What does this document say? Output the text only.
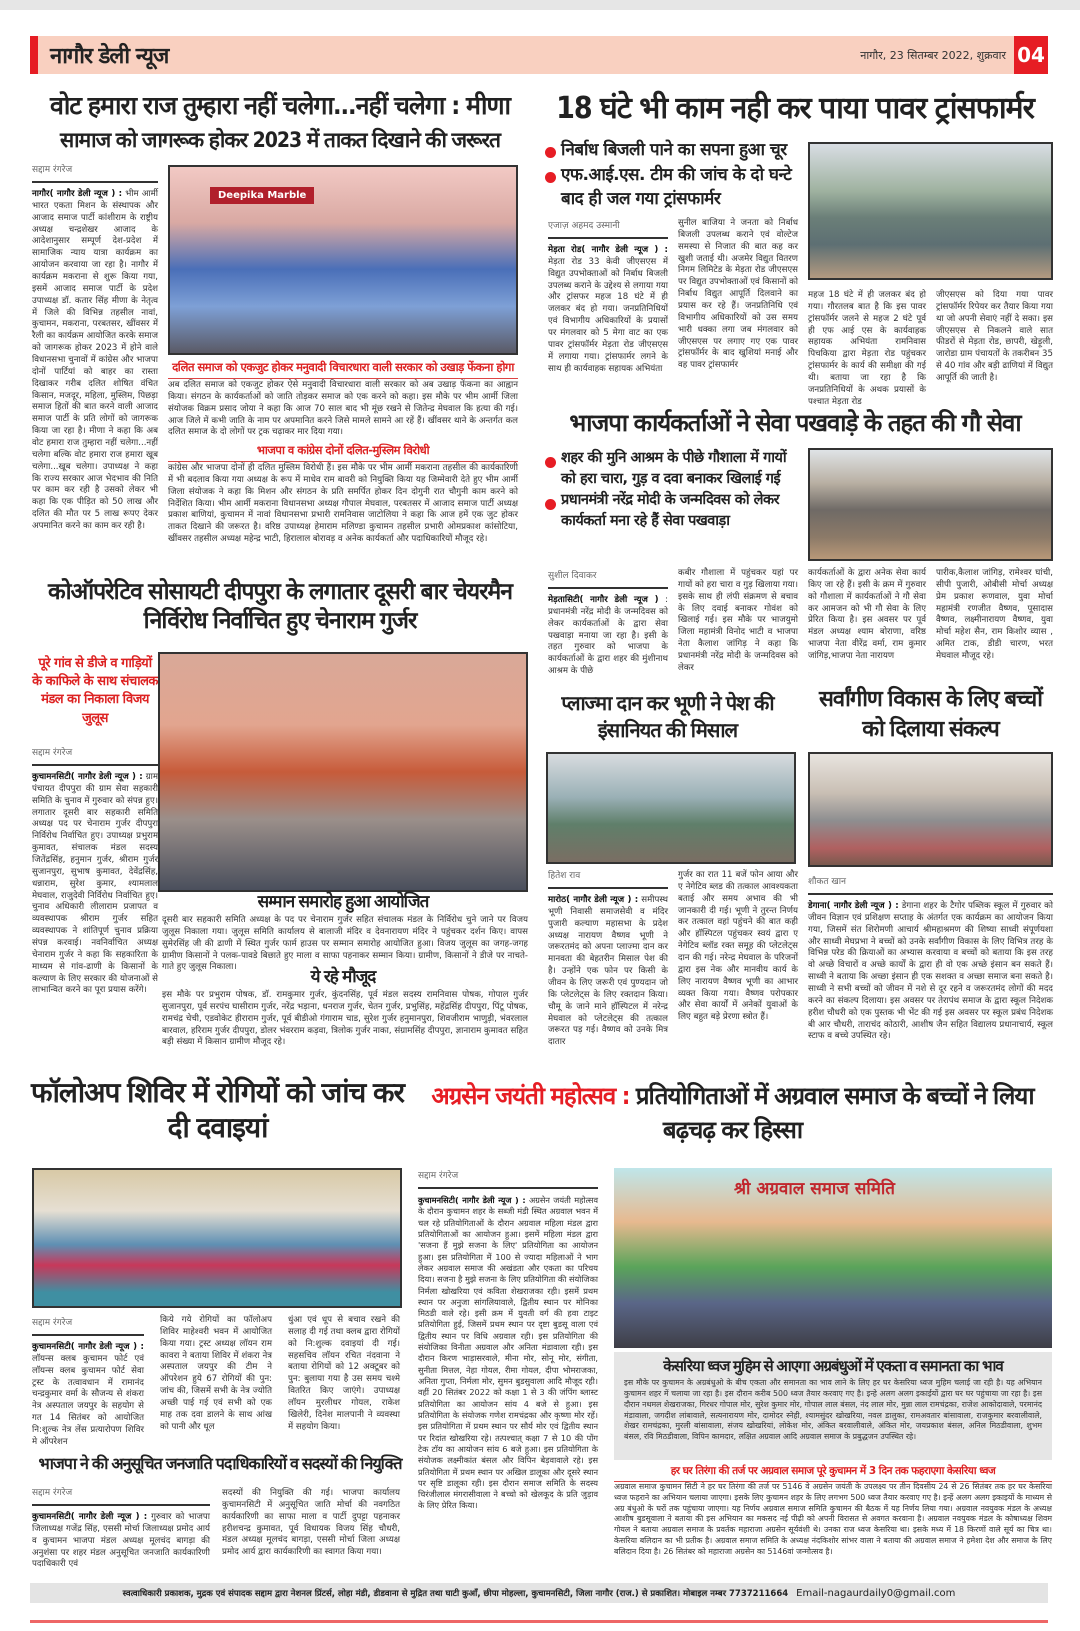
नागौर डेली न्यूज	नागौर, 23 सितम्बर 2022, शुक्रवार 04
वोट हमारा राज तुम्हारा नहीं चलेगा...नहीं चलेगा : मीणा
सामाज को जागरूक होकर 2023 में ताकत दिखाने की जरूरत
सद्दाम रंगरेज
नागौर( नागौर डेली न्यूज ) : भीम आर्मी भारत एकता मिशन के संस्थापक और आजाद समाज पार्टी कांशीराम के राष्ट्रीय अध्यक्ष चन्द्रशेखर आजाद के आदेशानुसार सम्पूर्ण देश-प्रदेश में सामाजिक न्याय यात्रा कार्यक्रम का आयोजन करवाया जा रहा है। नागौर में कार्यक्रम मकराना से शुरू किया गया, इसमें आजाद समाज पार्टी के प्रदेश उपाध्यक्ष डॉ. कतार सिंह मीणा के नेतृत्व में जिले की विभिन्न तहसील नावां, कुचामन, मकराना, परबतसर, खींवसर में रैली का कार्यक्रम आयोजित करके समाज को जागरूक होकर 2023 में होने वाले विधानसभा चुनावों में कांग्रेस और भाजपा दोनों पार्टियां को बाहर का रास्ता दिखाकर गरीब दलित शोषित वंचित किसान, मजदूर, महिला, मुस्लिम, पिछड़ा समाज हितों की बात करने वाली आजाद समाज पार्टी के प्रति लोगों को जागरूक किया जा रहा है। मीणा ने कहा कि अब वोट हमारा राज तुम्हारा नहीं चलेगा...नहीं चलेगा बल्कि वोट हमारा राज हमारा खूब चलेगा...खूब चलेगा। उपाध्यक्ष ने कहा कि राज्य सरकार आज भेदभाव की निति पर काम कर रही है उसको लेकर भी कहा कि एक पीड़ित को 50 लाख और दलित की मौत पर 5 लाख रूपए देकर अपमानित करने का काम कर रही है।
Deepika Marble
दलित समाज को एकजुट होकर मनुवादी विचारधारा वाली सरकार को उखाड़ फेंकना होगा
अब दलित समाज को एकजुट होकर ऐसे मनुवादी विचारधारा वाली सरकार को अब उखाड़ फेंकना का आह्वान किया। संगठन के कार्यकर्ताओं को जाति तोड़कर समाज को एक करने को कहा। इस मौके पर भीम आर्मी जिला संयोजक विक्रम प्रसाद जोया ने कहा कि आज 70 साल बाद भी मूंछ रखने से जितेन्द्र मेघवाल कि हत्या की गई। आज जिले में कभी जाति के नाम पर अपमानित करने जिसे मामले सामने आ रहें हैं। खींवसर थाने के अन्तर्गत कल दलित समाज के दो लोगों पर ट्रक चढ़ाकर मार दिया गया।
भाजपा व कांग्रेस दोनों दलित-मुस्लिम विरोधी
कांग्रेस और भाजपा दोनों ही दलित मुस्लिम विरोधी हैं। इस मौके पर भीम आर्मी मकराना तहसील की कार्यकारिणी में भी बदलाव किया गया अध्यक्ष के रूप में माधेव राम बावरी को नियुक्ति किया यह जिम्मेवारी देते हुए भीम आर्मी जिला संयोजक ने कहा कि मिशन और संगठन के प्रति समर्पित होकर दिन दोगुनी रात चौगुनी काम करने को निर्देशित किया। भीम आर्मी मकराना विधानसभा अध्यक्ष गौपाल मेघवाल, परबतसर में आजाद समाज पार्टी अध्यक्ष प्रकाश बाणियां, कुचामन में नावां विधानसभा प्रभारी रामनिवास जाटोलिया ने कहा कि आज हमें एक जुट होकर ताकत दिखाने की जरूरत है। वरिष्ठ उपाध्यक्ष हेमाराम मलिण्डा कुचामन तहसील प्रभारी ओमप्रकाश कांसोटिया, खींवसर तहसील अध्यक्ष महेन्द्र भाटी, हिरालाल बोरावड़ व अनेक कार्यकर्ता और पदाधिकारियों मौजूद रहे।
18 घंटे भी काम नही कर पाया पावर ट्रांसफार्मर
निर्बाध बिजली पाने का सपना हुआ चूर
एफ.आई.एस. टीम की जांच के दो घन्टे बाद ही जल गया ट्रांसफार्मर
एजाज़ अहमद उस्मानी
मेड़ता रोड( नागौर डेली न्यूज ) : मेड़ता रोड 33 केवी जीएसएस में विद्युत उपभोक्ताओं को निर्बाध बिजली उपलब्ध कराने के उद्देश्य से लगाया गया और ट्रांसफर महज 18 घंटे में ही जलकर बंद हो गया। जनप्रतिनिधियों एवं विभागीय अधिकारियों के प्रयासों पर मंगलवार को 5 मेगा वाट का एक पावर ट्रांसफॉर्मर मेड़ता रोड जीएसएस में लगाया गया। ट्रांसफार्मर लगने के साथ ही कार्यवाहक सहायक अभियंता
सुनील बाजिया ने जनता को निर्बाध बिजली उपलब्ध कराने एवं वोल्टेज समस्या से निजात की बात कह कर खुशी जताई थी। अजमेर विद्युत वितरण निगम लिमिटेड के मेड़ता रोड जीएसएस पर विद्युत उपभोक्ताओं एवं किसानों को निर्बाध विद्युत आपूर्ति दिलवाने का प्रयास कर रहे हैं। जनप्रतिनिधि एवं विभागीय अधिकारियों को उस समय भारी धक्का लगा जब मंगलवार को जीएसएस पर लगाए गए एक पावर ट्रांसफॉर्मर के बाद खुशियां मनाई और वह पावर ट्रांसफार्मर
महज 18 घंटे में ही जलकर बंद हो गया। गौरतलब बात है कि इस पावर ट्रांसफॉर्मर जलने से महज 2 घंटे पूर्व ही एफ आई एस के कार्यवाहक सहायक अभियंता रामनिवास पिचकिया द्वारा मेड़ता रोड पहुंचकर ट्रांसफार्मर के कार्य की समीक्षा की गई थी। बताया जा रहा है कि जनप्रतिनिधियों के अथक प्रयासों के पश्चात मेड़ता रोड
जीएसएस को दिया गया पावर ट्रांसफॉर्मर रिपेयर कर तैयार किया गया था जो अपनी सेवाएं नहीं दे सका। इस जीएसएस से निकलने वाले सात फीडरों से मेड़ता रोड, छापरी, खेड़ूली, जारोडा ग्राम पंचायतों के तकरीबन 35 से 40 गांव और बड़ी ढाणियां में विद्युत आपूर्ति की जाती है।
भाजपा कार्यकर्ताओं ने सेवा पखवाड़े के तहत की गौ सेवा
शहर की मुनि आश्रम के पीछे गौशाला में गायों को हरा चारा, गुड़ व दवा बनाकर खिलाई गई
प्रधानमंत्री नरेंद्र मोदी के जन्मदिवस को लेकर कार्यकर्ता मना रहे हैं सेवा पखवाड़ा
सुशील दिवाकर
मेड़तासिटी( नागौर डेली न्यूज ) : प्रधानमंत्री नरेंद्र मोदी के जन्मदिवस को लेकर कार्यकर्ताओं के द्वारा सेवा पखवाड़ा मनाया जा रहा है। इसी के तहत गुरुवार को भाजपा के कार्यकर्ताओं के द्वारा शहर की मुंशीनाथ आश्रम के पीछे
कबीर गौशाला में पहुंचकर यहां पर गायों को हरा चारा व गुड़ खिलाया गया। इसके साथ ही लंपी संक्रमण से बचाव के लिए दवाई बनाकर गोवंश को खिलाई गई। इस मौके पर भाजयुमो जिला महामंत्री विनोद भाटी व भाजपा नेता कैलाश जांगिड़ ने कहा कि प्रधानमंत्री नरेंद्र मोदी के जन्मदिवस को लेकर
कार्यकर्ताओं के द्वारा अनेक सेवा कार्य किए जा रहे हैं। इसी के क्रम में गुरुवार को गौशाला में कार्यकर्ताओं ने गौ सेवा कर आमजन को भी गौ सेवा के लिए प्रेरित किया है। इस अवसर पर पूर्व मंडल अध्यक्ष श्याम बोराणा, वरिष्ठ भाजपा नेता वीरेंद्र वर्मा, राम कुमार जांगिड़,भाजपा नेता नारायण
पारीक,कैलाश जांगिड़, रामेश्वर घांची, सीपी पुजारी, ओबीसी मोर्चा अध्यक्ष प्रेम प्रकाश रूणवाल, युवा मोर्चा महामंत्री रणजीत वैष्णव, पूसादास वैष्णव, लक्ष्मीनारायण वैष्णव, युवा मोर्चा महेश सैन, राम किशोर व्यास , अमित टाक, डीडी चारण, भरत मेघवाल मौजूद रहे।
कोऑपरेटिव सोसायटी दीपपुरा के लगातार दूसरी बार चेयरमैन निर्विरोध निर्वाचित हुए चेनाराम गुर्जर
पूरे गांव से डीजे व गाड़ियों के काफिले के साथ संचालक मंडल का निकाला विजय जुलूस
सद्दाम रंगरेज
कुचामनसिटी( नागौर डेली न्यूज ) : ग्राम पंचायत दीपपुरा की ग्राम सेवा सहकारी समिति के चुनाव में गुरुवार को संपन्न हुए। लगातार दूसरी बार सहकारी समिति अध्यक्ष पद पर चेनाराम गुर्जर दीपपुरा निर्विरोध निर्वाचित हुए। उपाध्यक्ष प्रभुराम कुमावत, संचालक मंडल सदस्य जितेंद्रसिंह, हनुमान गुर्जर, श्रीराम गुर्जर सुजानपुरा, सुभाष कुमावत, देवेंद्रसिंह, धन्नाराम, सुरेश कुमार, श्यामलाल मेघवाल, राजुदेवी निर्विरोध निर्वाचित हुए। चुनाव अधिकारी लीलाराम प्रजापत व व्यवस्थापक श्रीराम गुर्जर सहित व्यवस्थापक ने शांतिपूर्ण चुनाव प्रक्रिया संपन्न करवाई। नवनिर्वाचित अध्यक्ष चेनाराम गुर्जर ने कहा कि सहकारिता के माध्यम से गांव-ढाणी के किसानों के कल्याण के लिए सरकार की योजनाओं से लाभान्वित करने का पूरा प्रयास करेंगे।
सम्मान समारोह हुआ आयोजित
दूसरी बार सहकारी समिति अध्यक्ष के पद पर चेनाराम गुर्जर सहित संचालक मंडल के निर्विरोध चुने जाने पर विजय जुलूस निकाला गया। जुलूस समिति कार्यालय से बालाजी मंदिर व देवनारायण मंदिर ने पहुंचकर दर्शन किए। वापस सुमेरसिंह जी की ढाणी में स्थित गुर्जर फार्म हाउस पर सम्मान समारोह आयोजित हुआ। विजय जुलूस का जगह-जगह ग्रामीण किसानों ने पलक-पावडे बिछाते हुए माला व साफा पहनाकर सम्मान किया। ग्रामीण, किसानों ने डीजे पर नाचते- गाते हुए जुलूस निकाला।	ये रहे मौजूद
इस मौके पर प्रभुराम पोषक, डॉ. रामकुमार गुर्जर, कुंदनसिंह, पूर्व मंडल सदस्य रामनिवास पोषक, गोपाल गुर्जर सुजानपुरा, पूर्व सरपंच घासीराम गुर्जर, नरेंद्र भड़ाना, धनराज गुर्जर, चेतन गुर्जर, प्रभुसिंह, महेंद्रसिंह दीपपुरा, पिंटू पोषक, रामचंद्र चेची, एडवोकेट हीराराम गुर्जर, पूर्व बीडीओ गंगाराम चाड, सुरेश गुर्जर हनुमानपुरा, शिवजीराम भाणुड़ी, भंवरलाल बारवाल, हरिराम गुर्जर दीपपुरा, डोलर भंवरराम कड़वा, त्रिलोक गुर्जर नाका, संग्रामसिंह दीपपुरा, ज्ञानाराम कुमावत सहित बड़ी संख्या में किसान ग्रामीण मौजूद रहे।
प्लाज्मा दान कर भूणी ने पेश की इंसानियत की मिसाल
हितेश राव
मारोठ( नागौर डेली न्यूज ) : समीपस्थ भूणी निवासी समाजसेवी व मंदिर पुजारी कल्याण महासभा के प्रदेश अध्यक्ष नारायण वैष्णव भूणी ने जरूरतमंद को अपना प्लाज्मा दान कर मानवता की बेहतरीन मिसाल पेश की है। उन्होंने एक फोन पर किसी के जीवन के लिए जरूरी एवं पुण्यदान जो कि प्लेटलेट्स के लिए रक्तदान किया। चौमू के जाने माने हॉस्पिटल में नरेन्द्र मेघवाल को प्लेटलेट्स की तत्काल जरूरत पड़ गई। वैष्णव को उनके मित्र दातार
गुर्जर का रात 11 बजें फोन आया और ए नेगेटिव ब्लड की तत्काल आवश्यकता बताई और समय अभाव की भी जानकारी दी गई। भूणी ने तुरन्त निर्णय कर तत्काल वहां पहुंचने की बात कही और हॉस्पिटल पहुंचकर स्वयं द्वारा ए नेगेटिव ब्लॉड रक्त समूह की प्लेटलेट्स दान की गई। नरेन्द्र मेघवाल के परिजनों द्वारा इस नेक और मानवीय कार्य के लिए नारायण वैष्णव भूणी का आभार व्यक्त किया गया। वैष्णव परोपकार और सेवा कार्यों में अनेकों युवाओं के लिए बहुत बड़े प्रेरणा स्त्रोत हैं।
सर्वांगीण विकास के लिए बच्चों को दिलाया संकल्प
शौकत खान
डेगाना( नागौर डेली न्यूज ) : डेगाना शहर के टैगोर पब्लिक स्कूल में गुरुवार को जीवन विज्ञान एवं प्रशिक्षण सप्ताह के अंतर्गत एक कार्यक्रम का आयोजन किया गया, जिसमें संत शिरोमणी आचार्य श्रीमहाश्रमण की शिष्या साध्वी संपूर्णयशा और साध्वी मेघप्रभा ने बच्चों को उनके सर्वांगीण विकास के लिए विभित्र तरह के विभिन्न परेड की क्रियाओं का अभ्यास करवाया व बच्चों को बताया कि इस तरह वो अच्छे विचारों व अच्छे कार्यों के द्वारा ही वो एक अच्छे इंसान बन सकते हैं। साध्वी ने बताया कि अच्छा इंसान ही एक सशक्त व अच्छा समाज बना सकते है। साध्वी ने सभी बच्चों को जीवन में नशे से दूर रहने व जरूरतमंद लोगों की मदद करने का संकल्प दिलाया। इस अवसर पर तेरापंथ समाज के द्वारा स्कूल निदेशक हरीश चौधरी को एक पुस्तक भी भेंट की गई इस अवसर पर स्कूल प्रबंध निदेशक बी आर चौधरी, ताराचंद कोठारी, आशीष जैन सहित विद्यालय प्रधानाचार्य, स्कूल स्टाफ व बच्चे उपस्थित रहे।
फॉलोअप शिविर में रोगियों को जांच कर दी दवाइयां
सद्दाम रंगरेज
कुचामनसिटी( नागौर डेली न्यूज ) : लॉयन्स क्लब कुचामन फोर्ट एवं लॉयन्स क्लब कुचामन फोर्ट सेवा ट्रस्ट के तत्वावधान में रामानंद चन्द्रकुमार वर्मा के सौजन्य से शंकरा नेत्र अस्पताल जयपुर के सहयोग से गत 14 सितंबर को आयोजित नि:शुल्क नेत्र लेंस प्रत्यारोपण शिविर मे ऑपरेशन
किये गये रोगियों का फॉलोअप शिविर माहेश्वरी भवन में आयोजित किया गया। ट्रस्ट अध्यक्ष लॉयन राम कावरा ने बताया शिविर में शंकरा नेत्र अस्पताल जयपुर की टीम ने ऑपरेशन हुये 67 रोगियों की पुन: जांच की, जिसमें सभी के नेत्र ज्योति अच्छी पाई गई एवं सभी को एक माह तक दवा डालने के साथ आंख को पानी और धूल
धुंआ एवं धूप से बचाव रखने की सलाह दी गई तथा क्लब द्वारा रोगियों को नि:शुल्क दवाइयां दी गई। सहसचिव लॉयन रचित नंदवाना ने बताया रोगियों को 12 अक्टूबर को पुन: बुलाया गया है उस समय चश्मे वितरित किए जाएंगे। उपाध्यक्ष लॉयन मुरलीधर गोयल, राकेश खिलेरी, दिनेश मालपानी ने व्यवस्था में सहयोग किया।
भाजपा ने की अनुसूचित जनजाति पदाधिकारियों व सदस्यों की नियुक्ति
सद्दाम रंगरेज
कुचामनसिटी( नागौर डेली न्यूज ) : गुरुवार को भाजपा जिलाध्यक्ष गजेंद्र सिंह, एससी मोर्चा जिलाध्यक्ष प्रमोद आर्य व कुचामन भाजपा मंडल अध्यक्ष मूलचंद बागड़ा की अनुशंसा पर शहर मंडल अनुसूचित जनजाति कार्यकारिणी पदाधिकारी एवं
सदस्यों की नियुक्ति की गई। भाजपा कार्यालय कुचामनसिटी में अनुसूचित जाति मोर्चा की नवगठित कार्यकारिणी का साफा माला व पार्टी दुपट्टा पहनाकर हरीशचन्द्र कुमावत, पूर्व विधायक विजय सिंह चौधरी, मंडल अध्यक्ष मूलचंद बागड़ा, एससी मोर्चा जिला अध्यक्ष प्रमोद आर्य द्वारा कार्यकारिणी का स्वागत किया गया।
अग्रसेन जयंती महोत्सव : प्रतियोगिताओं में अग्रवाल समाज के बच्चों ने लिया बढ़चढ़ कर हिस्सा
सद्दाम रंगरेज
कुचामनसिटी( नागौर डेली न्यूज ) : अग्रसेन जयंती महोत्सव के दौरान कुचामन शहर के सब्जी मंडी स्थित अग्रवाल भवन में चल रहे प्रतियोगिताओं के दौरान अग्रवाल महिला मंडल द्वारा प्रतियोगिताओं का आयोजन हुआ। इसमें महिला मंडल द्वारा 'सजना हैं मुझे सजना के लिए' प्रतियोगिता का आयोजन हुआ। इस प्रतियोगिता में 100 से ज्यादा महिलाओं ने भाग लेकर अग्रवाल समाज की अखंडता और एकता का परिचय दिया। सजना है मुझे सजना के लिए प्रतियोगिता की संयोजिका निर्मला खोखरिया एवं कविता शेखराजका रही। इसमें प्रथम स्थान पर अनुजा सांगलियावाले, द्वितीय स्थान पर मोनिका मिठडी वाले रहे। इसी क्रम में युवती वर्ग की हवा टाइट प्रतियोगिता हुई, जिसमें प्रथम स्थान पर दृष्टा बुडसू वाला एवं द्वितीय स्थान पर विधि अग्रवाल रही। इस प्रतियोगिता की संयोजिका विनीता अग्रवाल और अनिता मंडावाला रही। इस दौरान किरण भाड़ासरवाले, मीना मोर, सोनू मोर, संगीता, सुनीता मित्तल, नेहा गोयल, रीमा गोयल, दीपा भोमराजका, अनिता गुप्ता, निर्मला मोर, सुमन बुडसुवाला आदि मौजूद रही। वहीं 20 सितंबर 2022 को कक्षा 1 से 3 की जंपिंग ब्लास्ट प्रतियोगिता का आयोजन सांय 4 बजे से हुआ। इस प्रतियोगिता के संयोजक गणेश रामचंद्रका और कृष्णा मोर रहें। इस प्रतियोगिता में प्रथम स्थान पर सौर्य मोर एवं द्वितीय स्थान पर रिदांत खोखरिया रहे। तत्पश्चात् कक्षा 7 से 10 की पोंग टेक टॉय का आयोजन सांय 6 बजे हुआ। इस प्रतियोगिता के संयोजक लक्ष्मीकांत बंसल और विपिन बेड़वावाले रहे। इस प्रतियोगिता में प्रथम स्थान पर अखिल डालूका और दूसरे स्थान पर सृष्टि डालूका रही। इस दौरान समाज समिति के सदस्य चिरंजीलाल मंगरासीवाला ने बच्चो को खेलकूद के प्रति जुड़ाव के लिए प्रेरित किया।
श्री अग्रवाल समाज समिति
केसरिया ध्वज मुहिम से आएगा अग्रबंधुओं में एकता व समानता का भाव
इस मौके पर कुचामन के अग्रबंधुओ के बीच एकता और समानता का भाव लाने के लिए हर घर केसरिया ध्वज मुहिम चलाई जा रही है। यह अभियान कुचामन शहर में चलाया जा रहा है। इस दौरान करीब 500 ध्वज तैयार करवाए गए है। इन्हे अलग अलग इकाईयों द्वारा घर घर पहुंचाया जा रहा है। इस दौरान नथमल शेखराजका, गिरधर गोपाल मोर, सुरेश कुमार मोर, गोपाल लाल बंसल, नंद लाल मोर, मुन्ना लाल रामचंद्रका, राजेश आकोदावाले, परमानंद मंडावाला, जगदीश लांबावाले, सत्यनारायण मोर, दामोदर स्नेही, श्यामसुंदर खोखरिया, नवल डालुका, रामअवतार बांसावाला, राजकुमार बरवालीवाले, शेखर रामचंद्रका, मुरली बांसावाला, संजय खोखरियां, लोकेश मोर, अंकित बरवालीवाले, अंकित मोर, जयप्रकाश बंसल, अनिल मिठडीवाला, शुभम बंसल, रवि मिठडीवाला, विपिन कामदार, लक्षित अग्रवाल आदि अग्रवाल समाज के प्रबुद्धजन उपस्थित रहे।
हर घर तिरंगा की तर्ज पर अग्रवाल समाज पूरे कुचामन में 3 दिन तक फहराएगा केसरिया ध्वज
अग्रवाल समाज कुचामन सिटी ने हर घर तिरंगा की तर्ज पर 5146 वे अग्रसेन जयंती के उपलक्ष्य पर तीन दिवसीय 24 से 26 सितंबर तक हर घर केसरिया ध्वज फहराने का अभियान चलाया जाएगा। इसके लिए कुचामन शहर के लिए लगभग 500 ध्वज तैयार करवाए गए है। इन्हें अलग अलग इकाइयों के माध्यम से अग्र बंधुओ के घरों तक पहुंचाया जाएगा। यह निर्णय अग्रवाल समाज समिति कुचामन की बैठक में यह निर्णय लिया गया। अग्रवाल नवयुवक मंडल के अध्यक्ष आशीष बुडसूवाला ने बताया की इस अभियान का मकसद नई पीढ़ी को अपनी विरासत से अवगत करवाना है। अग्रवाल नवयुवक मंडल के कोषाध्यक्ष शिवम गोयल ने बताया अग्रवाल समाज के प्रवर्तक महाराजा अग्रसेन सूर्यवंशी थे। उनका राज ध्वज केसरिया था। इसके मध्य में 18 किरणों वाले सूर्य का चित्र था। केसरिया बलिदान का भी प्रतीक है। अग्रवाल समाज समिति के अध्यक्ष नंदकिशोर सांभर वाला ने बताया की अग्रवाल समाज ने हमेशा देश और समाज के लिए बलिदान दिया है। 26 सितंबर को महाराजा अग्रसेन का 5146वां जन्मोत्सव है।
स्वत्वाधिकारी प्रकाशक, मुद्रक एवं संपादक सद्दाम द्वारा नेशनल प्रिंटर्स, लोहा मंडी, डीडवाना से मुद्रित तथा घाटी कुआँ, छीपा मोहल्ला, कुचामनसिटी, जिला नागौर (राज.) से प्रकाशित। मोबाइल नम्बर 7737211664 Email-nagaurdaily0@gmail.com
